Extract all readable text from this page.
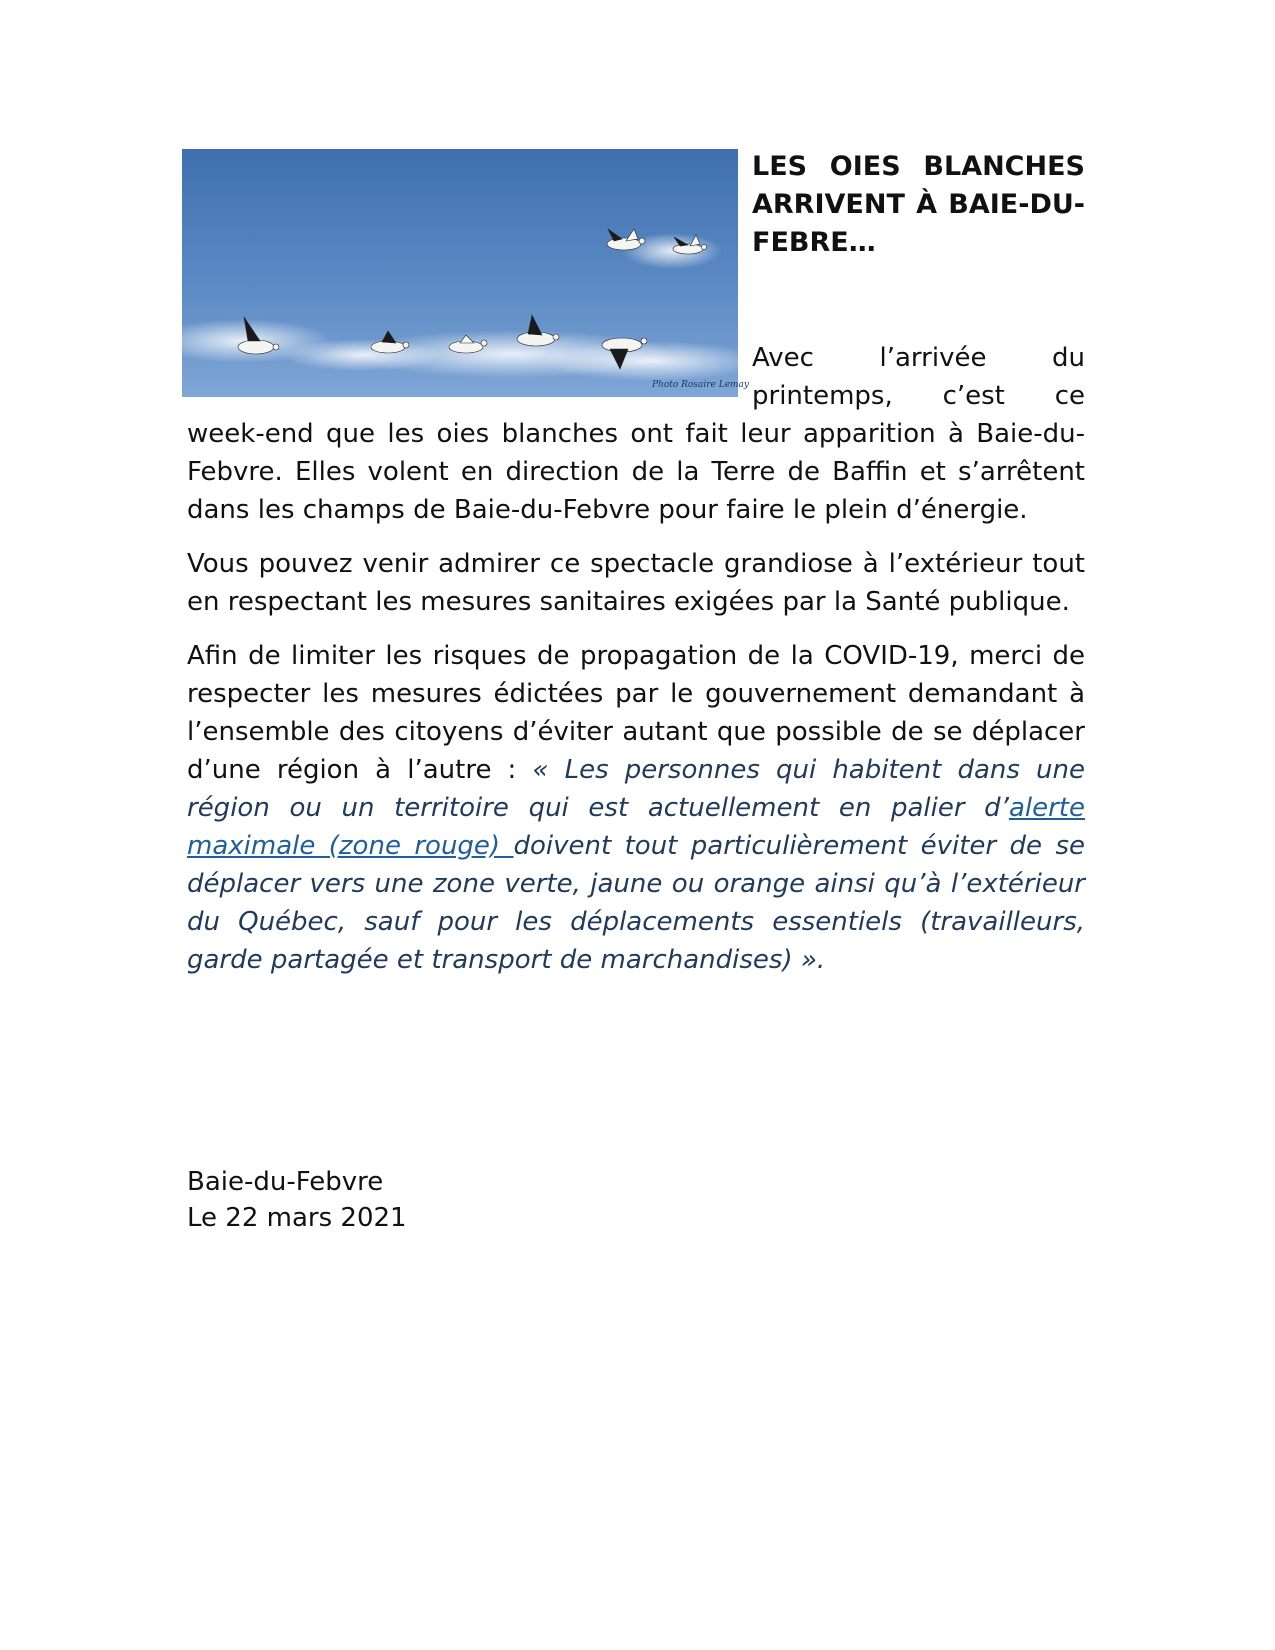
Photo Rosaire Lemay
LES OIES BLANCHES ARRIVENT À BAIE-DU-FEBRE…

Avec l’arrivée du printemps, c’est ce week-end que les oies blanches ont fait leur apparition à Baie-du-Febvre. Elles volent en direction de la Terre de Baffin et s’arrêtent dans les champs de Baie-du-Febvre pour faire le plein d’énergie.

Vous pouvez venir admirer ce spectacle grandiose à l’extérieur tout en respectant les mesures sanitaires exigées par la Santé publique.

Afin de limiter les risques de propagation de la COVID-19, merci de respecter les mesures édictées par le gouvernement demandant à l’ensemble des citoyens d’éviter autant que possible de se déplacer d’une région à l’autre : « Les personnes qui habitent dans une région ou un territoire qui est actuellement en palier d’alerte maximale (zone rouge) doivent tout particulièrement éviter de se déplacer vers une zone verte, jaune ou orange ainsi qu’à l’extérieur du Québec, sauf pour les déplacements essentiels (travailleurs, garde partagée et transport de marchandises) ».

Baie-du-Febvre
Le 22 mars 2021
